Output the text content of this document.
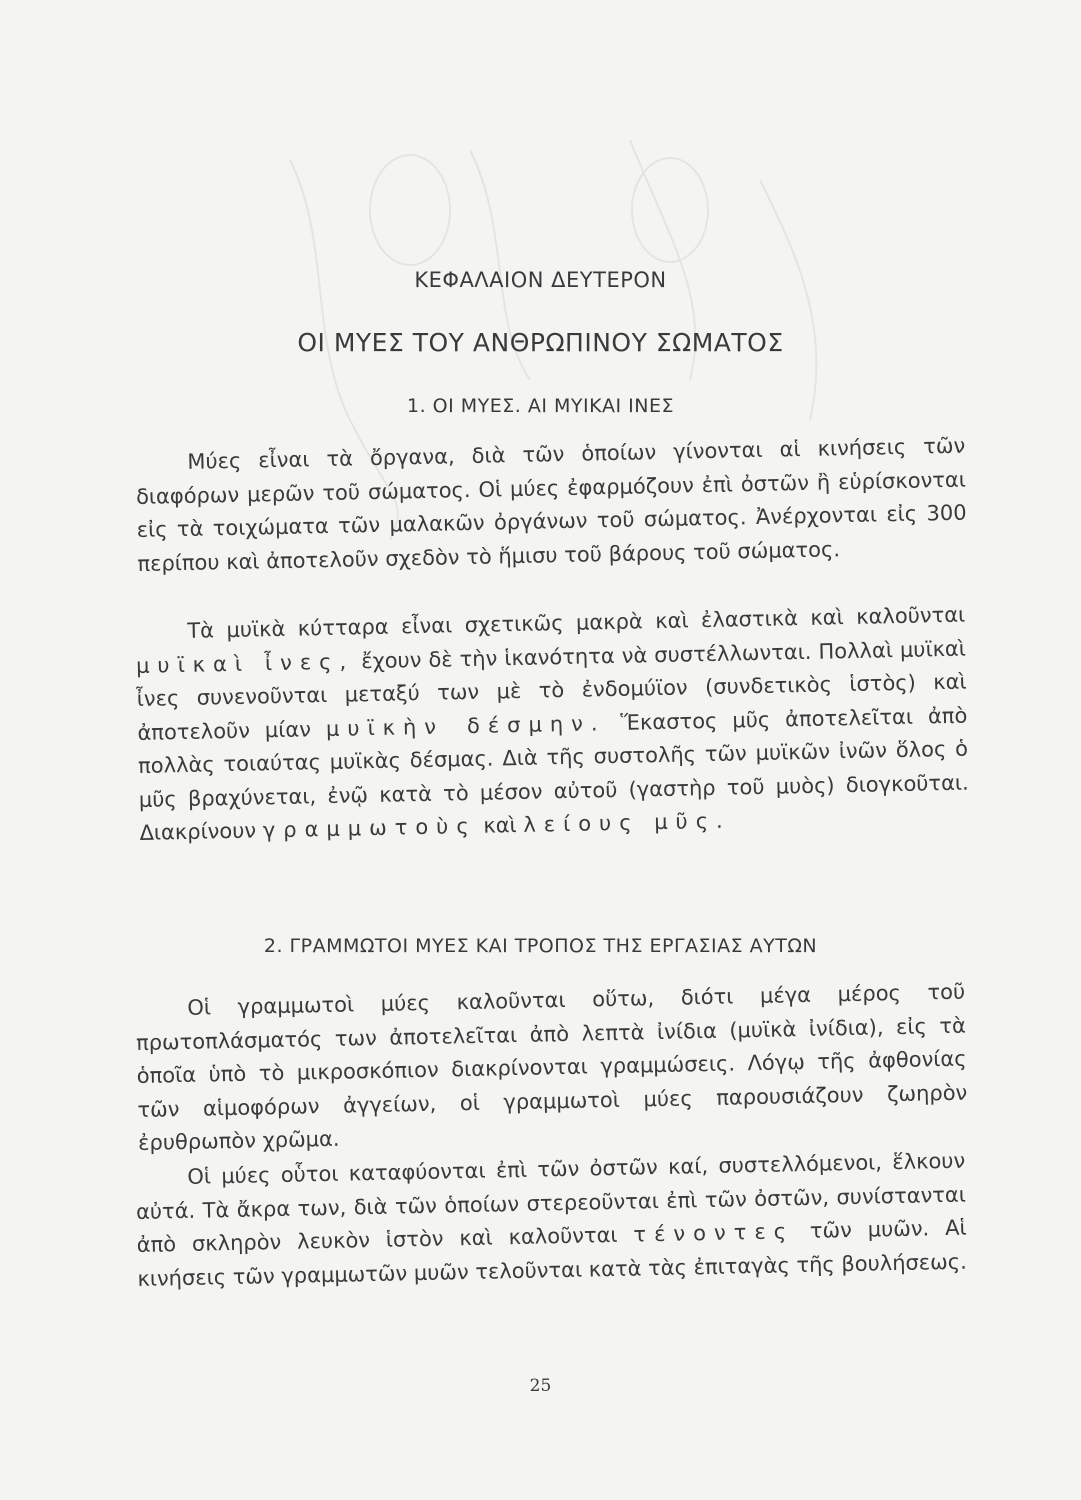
ΚΕΦΑΛΑΙΟΝ ΔΕΥΤΕΡΟΝ
ΟΙ ΜΥΕΣ ΤΟΥ ΑΝΘΡΩΠΙΝΟΥ ΣΩΜΑΤΟΣ
1. ΟΙ ΜΥΕΣ. ΑΙ ΜΥΙΚΑΙ ΙΝΕΣ
Μύες εἶναι τὰ ὄργανα, διὰ τῶν ὁποίων γίνονται αἱ κινήσεις τῶν διαφόρων μερῶν τοῦ σώματος. Οἱ μύες ἐφαρμόζουν ἐπὶ ὀστῶν ἢ εὑρίσκονται εἰς τὰ τοιχώματα τῶν μαλακῶν ὀργάνων τοῦ σώματος. Ἀνέρχονται εἰς 300 περίπου καὶ ἀποτελοῦν σχεδὸν τὸ ἥμισυ τοῦ βάρους τοῦ σώματος.
Τὰ μυϊκὰ κύτταρα εἶναι σχετικῶς μακρὰ καὶ ἐλαστικὰ καὶ καλοῦνται μυϊκαὶ ἶνες, ἔχουν δὲ τὴν ἱκανότητα νὰ συστέλλωνται. Πολλαὶ μυϊκαὶ ἶνες συνενοῦνται μεταξύ των μὲ τὸ ἐνδομύϊον (συνδετικὸς ἱστὸς) καὶ ἀποτελοῦν μίαν μυϊκὴν δέσμην. Ἕκαστος μῦς ἀποτελεῖται ἀπὸ πολλὰς τοιαύτας μυϊκὰς δέσμας. Διὰ τῆς συστολῆς τῶν μυϊκῶν ἰνῶν ὅλος ὁ μῦς βραχύνεται, ἐνῷ κατὰ τὸ μέσον αὐτοῦ (γαστὴρ τοῦ μυὸς) διογκοῦται. Διακρίνουν γραμμωτοὺς καὶ λείους μῦς.
2. ΓΡΑΜΜΩΤΟΙ ΜΥΕΣ ΚΑΙ ΤΡΟΠΟΣ ΤΗΣ ΕΡΓΑΣΙΑΣ ΑΥΤΩΝ
Οἱ γραμμωτοὶ μύες καλοῦνται οὕτω, διότι μέγα μέρος τοῦ πρωτοπλάσματός των ἀποτελεῖται ἀπὸ λεπτὰ ἰνίδια (μυϊκὰ ἰνίδια), εἰς τὰ ὁποῖα ὑπὸ τὸ μικροσκόπιον διακρίνονται γραμμώσεις. Λόγῳ τῆς ἀφθονίας τῶν αἱμοφόρων ἀγγείων, οἱ γραμμωτοὶ μύες παρουσιάζουν ζωηρὸν ἐρυθρωπὸν χρῶμα.
Οἱ μύες οὗτοι καταφύονται ἐπὶ τῶν ὀστῶν καί, συστελλόμενοι, ἕλκουν αὐτά. Τὰ ἄκρα των, διὰ τῶν ὁποίων στερεοῦνται ἐπὶ τῶν ὀστῶν, συνίστανται ἀπὸ σκληρὸν λευκὸν ἱστὸν καὶ καλοῦνται τένοντες τῶν μυῶν. Αἱ κινήσεις τῶν γραμμωτῶν μυῶν τελοῦνται κατὰ τὰς ἐπιταγὰς τῆς βουλήσεως.
25
